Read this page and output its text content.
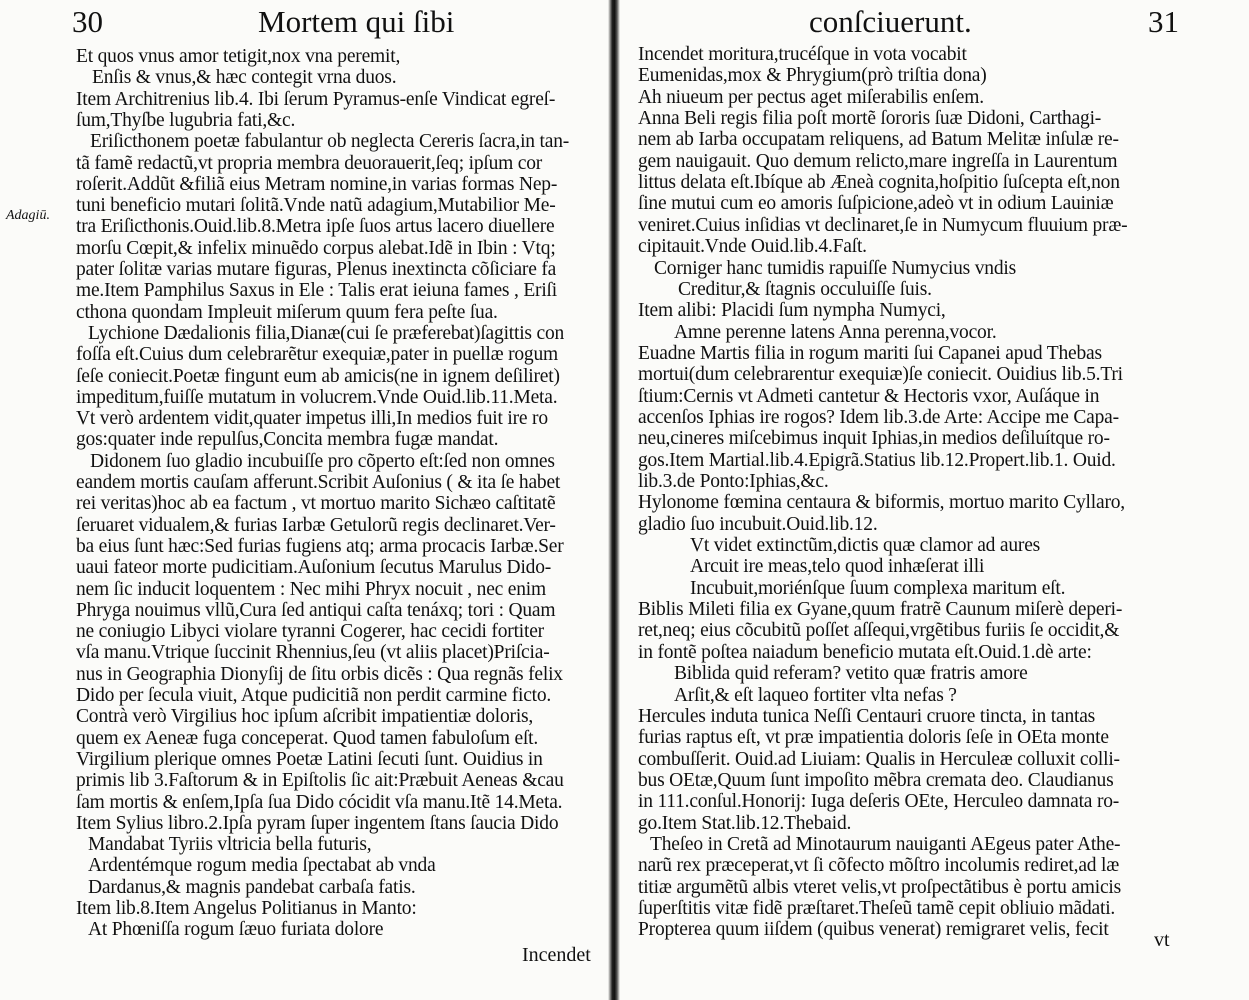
30	Mortem qui ſibi
Adagiū.
Incendet
Et quos vnus amor tetigit,nox vna peremit,
Enſis & vnus,& hæc contegit vrna duos.
Item Architrenius lib.4. Ibi ſerum Pyramus-enſe Vindicat egreſ-
ſum,Thyſbe lugubria fati,&c.
Eriſicthonem poetæ fabulantur ob neglecta Cereris ſacra,in tan-
tã famẽ redactũ,vt propria membra deuorauerit,ſeq; ipſum cor
roſerit.Addũt &filiã eius Metram nomine,in varias formas Nep-
tuni beneficio mutari ſolitã.Vnde natũ adagium,Mutabilior Me-
tra Eriſicthonis.Ouid.lib.8.Metra ipſe ſuos artus lacero diuellere
morſu Cœpit,& infelix minuẽdo corpus alebat.Idẽ in Ibin : Vtq;
pater ſolitæ varias mutare figuras, Plenus inextincta cõſiciare fa
me.Item Pamphilus Saxus in Ele : Talis erat ieiuna fames , Eriſi
cthona quondam Impleuit miſerum quum fera peſte ſua.
Lychione Dædalionis filia,Dianæ(cui ſe præferebat)ſagittis con
foſſa eſt.Cuius dum celebrarẽtur exequiæ,pater in puellæ rogum
ſeſe coniecit.Poetæ fingunt eum ab amicis(ne in ignem deſiliret)
impeditum,fuiſſe mutatum in volucrem.Vnde Ouid.lib.11.Meta.
Vt verò ardentem vidit,quater impetus illi,In medios fuit ire ro
gos:quater inde repulſus,Concita membra fugæ mandat.
Didonem ſuo gladio incubuiſſe pro cõperto eſt:ſed non omnes
eandem mortis cauſam afferunt.Scribit Auſonius ( & ita ſe habet
rei veritas)hoc ab ea factum , vt mortuo marito Sichæo caſtitatẽ
ſeruaret vidualem,& furias Iarbæ Getulorũ regis declinaret.Ver-
ba eius ſunt hæc:Sed furias fugiens atq; arma procacis Iarbæ.Ser
uaui fateor morte pudicitiam.Auſonium ſecutus Marulus Dido-
nem ſic inducit loquentem : Nec mihi Phryx nocuit , nec enim
Phryga nouimus vllũ,Cura ſed antiqui caſta tenáxq; tori : Quam
ne coniugio Libyci violare tyranni Cogerer, hac cecidi fortiter
vſa manu.Vtrique ſuccinit Rhennius,ſeu (vt aliis placet)Priſcia-
nus in Geographia Dionyſij de ſitu orbis dicẽs : Qua regnãs felix
Dido per ſecula viuit, Atque pudicitiã non perdit carmine ficto.
Contrà verò Virgilius hoc ipſum aſcribit impatientiæ doloris,
quem ex Aeneæ fuga conceperat. Quod tamen fabuloſum eſt.
Virgilium plerique omnes Poetæ Latini ſecuti ſunt. Ouidius in
primis lib 3.Faſtorum & in Epiſtolis ſic ait:Præbuit Aeneas &cau
ſam mortis & enſem,Ipſa ſua Dido cócidit vſa manu.Itẽ 14.Meta.
Item Sylius libro.2.Ipſa pyram ſuper ingentem ſtans ſaucia Dido
Mandabat Tyriis vltricia bella futuris,
Ardentémque rogum media ſpectabat ab vnda
Dardanus,& magnis pandebat carbaſa fatis.
Item lib.8.Item Angelus Politianus in Manto:
At Phœniſſa rogum ſæuo furiata dolore
conſciuerunt.	31
vt
Incendet moritura,trucéſque in vota vocabit
Eumenidas,mox & Phrygium(prò triſtia dona)
Ah niueum per pectus aget miſerabilis enſem.
Anna Beli regis filia poſt mortẽ ſororis ſuæ Didoni, Carthagi-
nem ab Iarba occupatam reliquens, ad Batum Melitæ inſulæ re-
gem nauigauit. Quo demum relicto,mare ingreſſa in Laurentum
littus delata eſt.Ibíque ab Æneà cognita,hoſpitio ſuſcepta eſt,non
ſine mutui cum eo amoris ſuſpicione,adeò vt in odium Lauiniæ
veniret.Cuius inſidias vt declinaret,ſe in Numycum fluuium præ-
cipitauit.Vnde Ouid.lib.4.Faſt.
Corniger hanc tumidis rapuiſſe Numycius vndis
Creditur,& ſtagnis occuluiſſe ſuis.
Item alibi: Placidi ſum nympha Numyci,
Amne perenne latens Anna perenna,vocor.
Euadne Martis filia in rogum mariti ſui Capanei apud Thebas
mortui(dum celebrarentur exequiæ)ſe coniecit. Ouidius lib.5.Tri
ſtium:Cernis vt Admeti cantetur & Hectoris vxor, Auſáque in
accenſos Iphias ire rogos? Idem lib.3.de Arte: Accipe me Capa-
neu,cineres miſcebimus inquit Iphias,in medios deſiluítque ro-
gos.Item Martial.lib.4.Epigrã.Statius lib.12.Propert.lib.1. Ouid.
lib.3.de Ponto:Iphias,&c.
Hylonome fœmina centaura & biformis, mortuo marito Cyllaro,
gladio ſuo incubuit.Ouid.lib.12.
Vt videt extinctũm,dictis quæ clamor ad aures
Arcuit ire meas,telo quod inhæſerat illi
Incubuit,moriénſque ſuum complexa maritum eſt.
Biblis Mileti filia ex Gyane,quum fratrẽ Caunum miſerè deperi-
ret,neq; eius cõcubitũ poſſet aſſequi,vrgẽtibus furiis ſe occidit,&
in fontẽ poſtea naiadum beneficio mutata eſt.Ouid.1.dè arte:
Biblida quid referam? vetito quæ fratris amore
Arſit,& eſt laqueo fortiter vlta nefas ?
Hercules induta tunica Neſſi Centauri cruore tincta, in tantas
furias raptus eſt, vt præ impatientia doloris ſeſe in OEta monte
combuſſerit. Ouid.ad Liuiam: Qualis in Herculeæ colluxit colli-
bus OEtæ,Quum ſunt impoſito mẽbra cremata deo. Claudianus
in 111.conſul.Honorij: Iuga deſeris OEte, Herculeo damnata ro-
go.Item Stat.lib.12.Thebaid.
Theſeo in Cretã ad Minotaurum nauiganti AEgeus pater Athe-
narũ rex præceperat,vt ſi cõfecto mõſtro incolumis rediret,ad læ
titiæ argumẽtũ albis vteret velis,vt proſpectãtibus è portu amicis
ſuperſtitis vitæ fidẽ præſtaret.Theſeũ tamẽ cepit obliuio mãdati.
Propterea quum iiſdem (quibus venerat) remigraret velis, fecit
